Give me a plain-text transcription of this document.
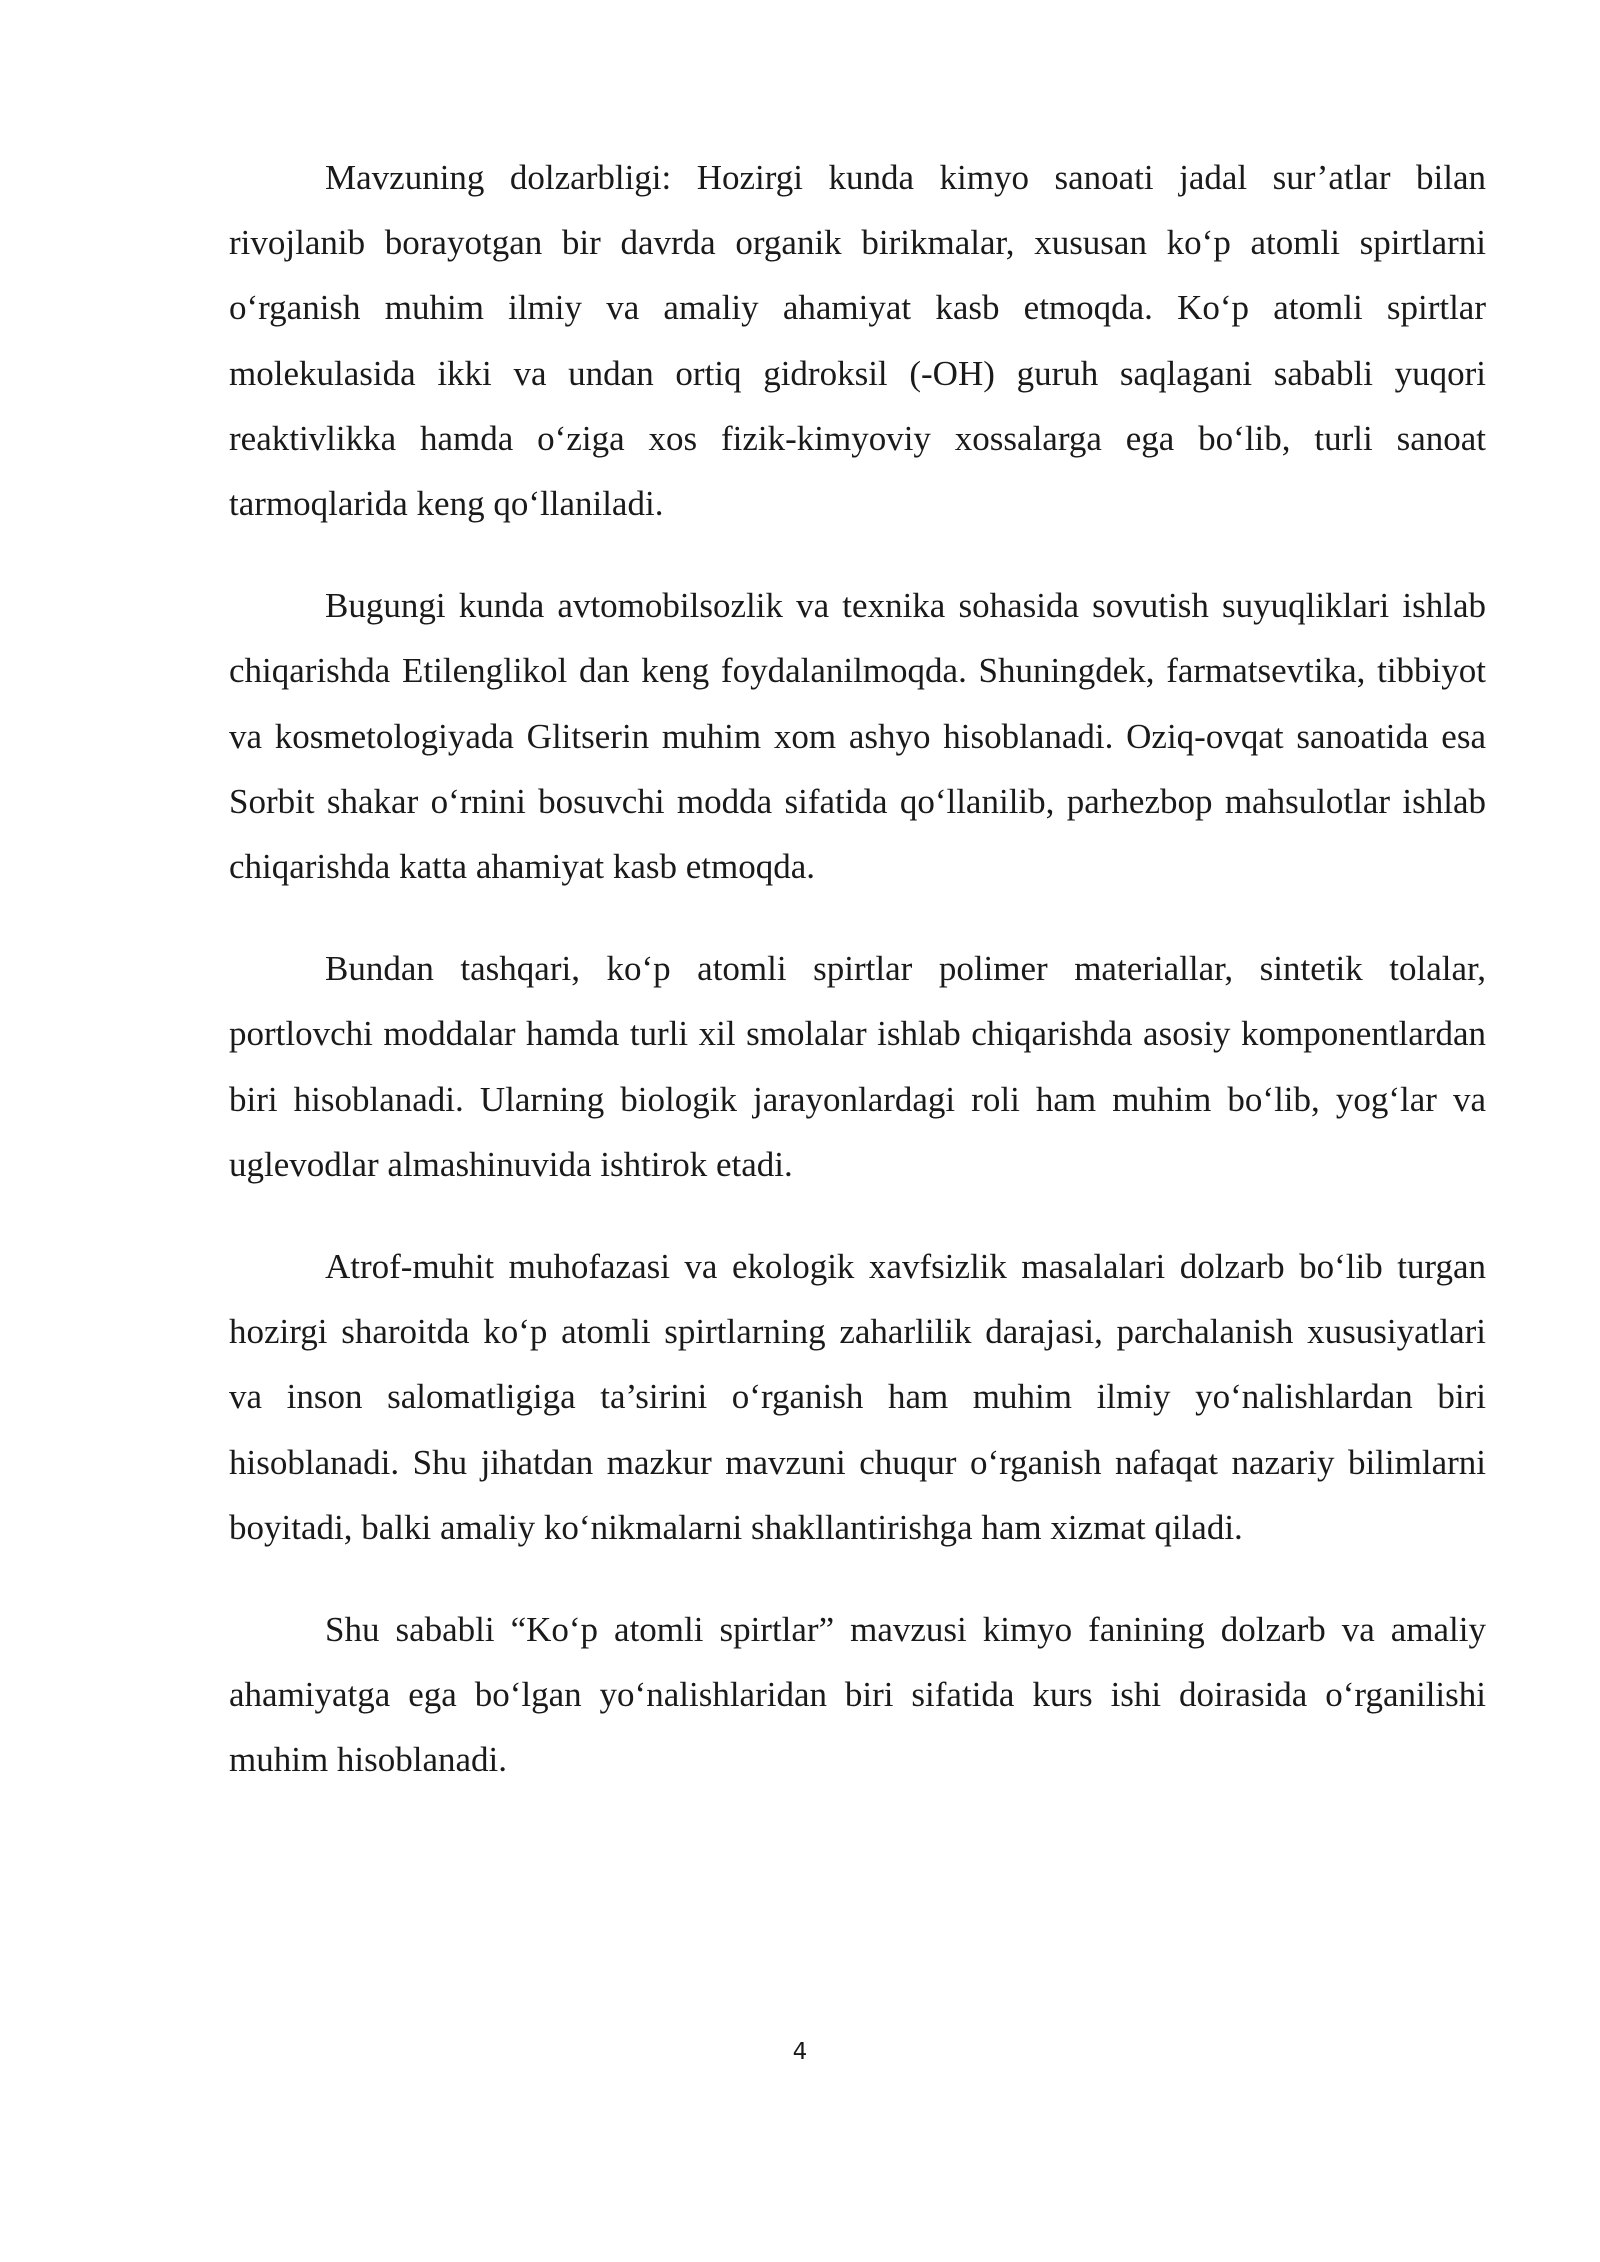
Mavzuning dolzarbligi: Hozirgi kunda kimyo sanoati jadal sur’atlar bilan rivojlanib borayotgan bir davrda organik birikmalar, xususan ko‘p atomli spirtlarni o‘rganish muhim ilmiy va amaliy ahamiyat kasb etmoqda. Ko‘p atomli spirtlar molekulasida ikki va undan ortiq gidroksil (-OH) guruh saqlagani sababli yuqori reaktivlikka hamda o‘ziga xos fizik-kimyoviy xossalarga ega bo‘lib, turli sanoat tarmoqlarida keng qo‘llaniladi.

Bugungi kunda avtomobilsozlik va texnika sohasida sovutish suyuqliklari ishlab chiqarishda Etilenglikol dan keng foydalanilmoqda. Shuningdek, farmatsevtika, tibbiyot va kosmetologiyada Glitserin muhim xom ashyo hisoblanadi. Oziq-ovqat sanoatida esa Sorbit shakar o‘rnini bosuvchi modda sifatida qo‘llanilib, parhezbop mahsulotlar ishlab chiqarishda katta ahamiyat kasb etmoqda.

Bundan tashqari, ko‘p atomli spirtlar polimer materiallar, sintetik tolalar, portlovchi moddalar hamda turli xil smolalar ishlab chiqarishda asosiy komponentlardan biri hisoblanadi. Ularning biologik jarayonlardagi roli ham muhim bo‘lib, yog‘lar va uglevodlar almashinuvida ishtirok etadi.

Atrof-muhit muhofazasi va ekologik xavfsizlik masalalari dolzarb bo‘lib turgan hozirgi sharoitda ko‘p atomli spirtlarning zaharlilik darajasi, parchalanish xususiyatlari va inson salomatligiga ta’sirini o‘rganish ham muhim ilmiy yo‘nalishlardan biri hisoblanadi. Shu jihatdan mazkur mavzuni chuqur o‘rganish nafaqat nazariy bilimlarni boyitadi, balki amaliy ko‘nikmalarni shakllantirishga ham xizmat qiladi.

Shu sababli “Ko‘p atomli spirtlar” mavzusi kimyo fanining dolzarb va amaliy ahamiyatga ega bo‘lgan yo‘nalishlaridan biri sifatida kurs ishi doirasida o‘rganilishi muhim hisoblanadi.

4
